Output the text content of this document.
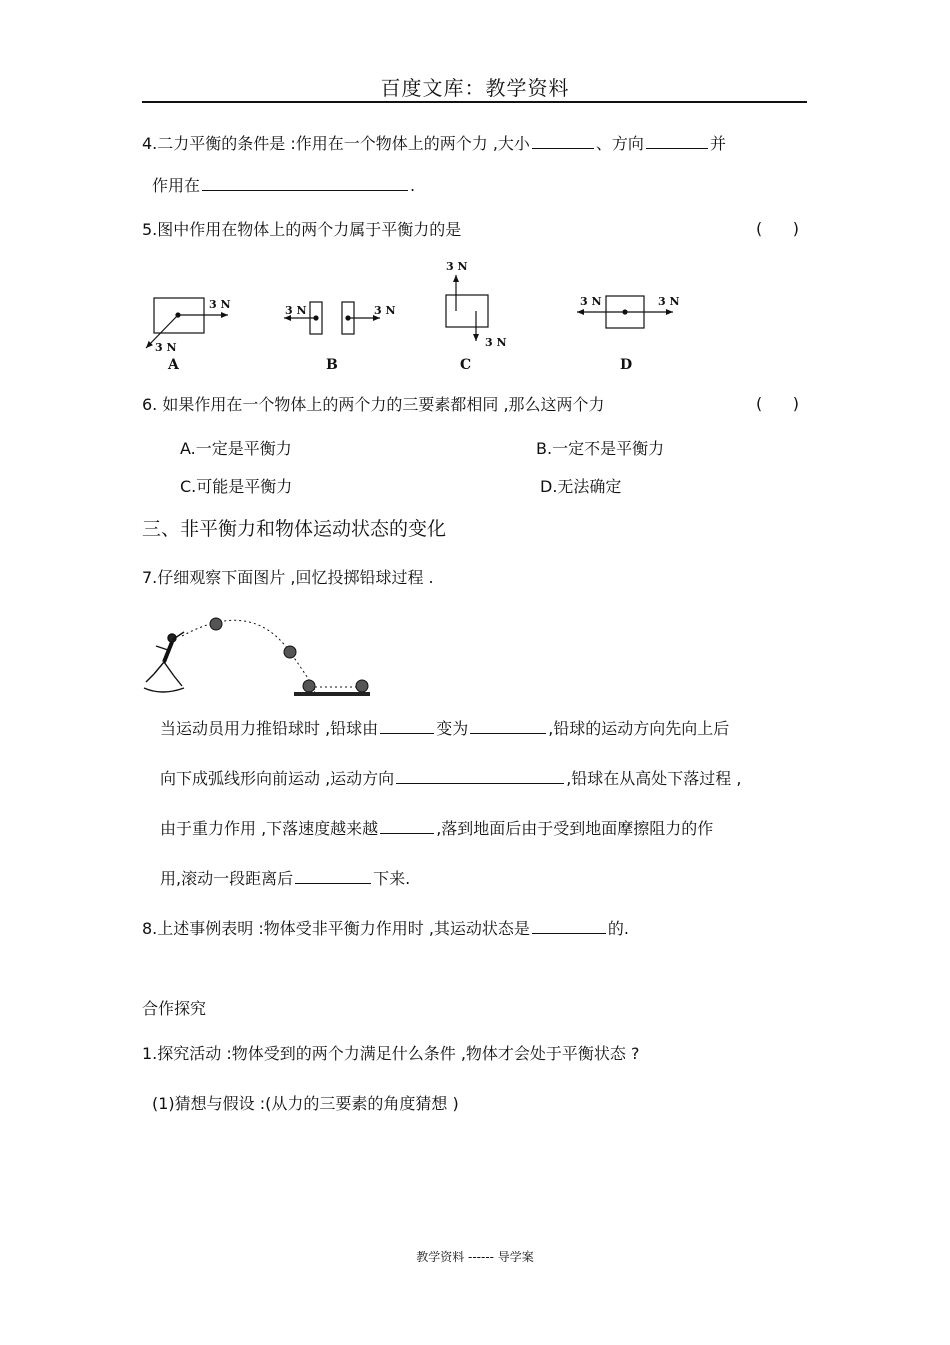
百度文库：教学资料
4.二力平衡的条件是 :作用在一个物体上的两个力 ,大小	、方向	并
作用在	.
5.图中作用在物体上的两个力属于平衡力的是	(      )
3 N
3 N
3 N	3 N
3 N
3 N
3 N	3 N
A	B	C	D
6. 如果作用在一个物体上的两个力的三要素都相同 ,那么这两个力	(      )
A.一定是平衡力	B.一定不是平衡力
C.可能是平衡力	D.无法确定
三、非平衡力和物体运动状态的变化
7.仔细观察下面图片 ,回忆投掷铅球过程 .
当运动员用力推铅球时 ,铅球由	变为	,铅球的运动方向先向上后
向下成弧线形向前运动 ,运动方向	,铅球在从高处下落过程 ,
由于重力作用 ,下落速度越来越	,落到地面后由于受到地面摩擦阻力的作
用,滚动一段距离后	下来.
8.上述事例表明 :物体受非平衡力作用时 ,其运动状态是	的.
合作探究
1.探究活动 :物体受到的两个力满足什么条件 ,物体才会处于平衡状态 ?
(1)猜想与假设 :(从力的三要素的角度猜想 )
教学资料 ------ 导学案
